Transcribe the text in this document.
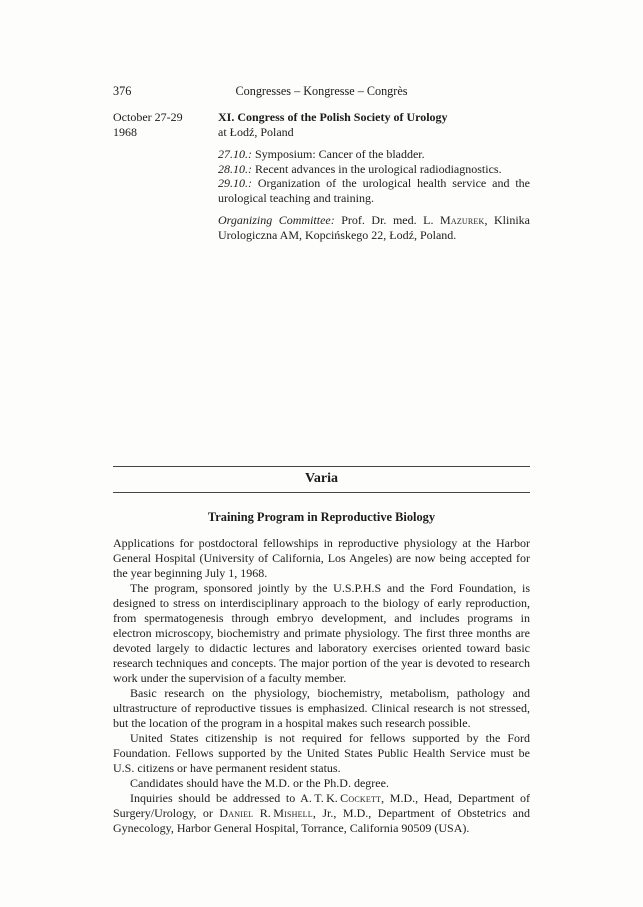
376	Congresses – Kongresse – Congrès
October 27-29
1968
XI. Congress of the Polish Society of Urology
at Łodź, Poland
27.10.: Symposium: Cancer of the bladder.
28.10.: Recent advances in the urological radiodiagnostics.
29.10.: Organization of the urological health service and the urological teaching and training.
Organizing Committee: Prof. Dr. med. L. Mazurek, Klinika Urologiczna AM, Kopcińskego 22, Łodź, Poland.
Varia
Training Program in Reproductive Biology

Applications for postdoctoral fellowships in reproductive physiology at the Harbor General Hospital (University of California, Los Angeles) are now being accepted for the year beginning July 1, 1968.

The program, sponsored jointly by the U.S.P.H.S and the Ford Foundation, is designed to stress on interdisciplinary approach to the biology of early reproduction, from spermatogenesis through embryo development, and includes programs in electron microscopy, biochemistry and primate physiology. The first three months are devoted largely to didactic lectures and laboratory exercises oriented toward basic research techniques and concepts. The major portion of the year is devoted to research work under the supervision of a faculty member.

Basic research on the physiology, biochemistry, metabolism, pathology and ultrastructure of reproductive tissues is emphasized. Clinical research is not stressed, but the location of the program in a hospital makes such research possible.

United States citizenship is not required for fellows supported by the Ford Foundation. Fellows supported by the United States Public Health Service must be U.S. citizens or have permanent resident status.

Candidates should have the M.D. or the Ph.D. degree.

Inquiries should be addressed to A. T. K. Cockett, M.D., Head, Department of Surgery/Urology, or Daniel R. Mishell, Jr., M.D., Department of Obstetrics and Gynecology, Harbor General Hospital, Torrance, California 90509 (USA).
